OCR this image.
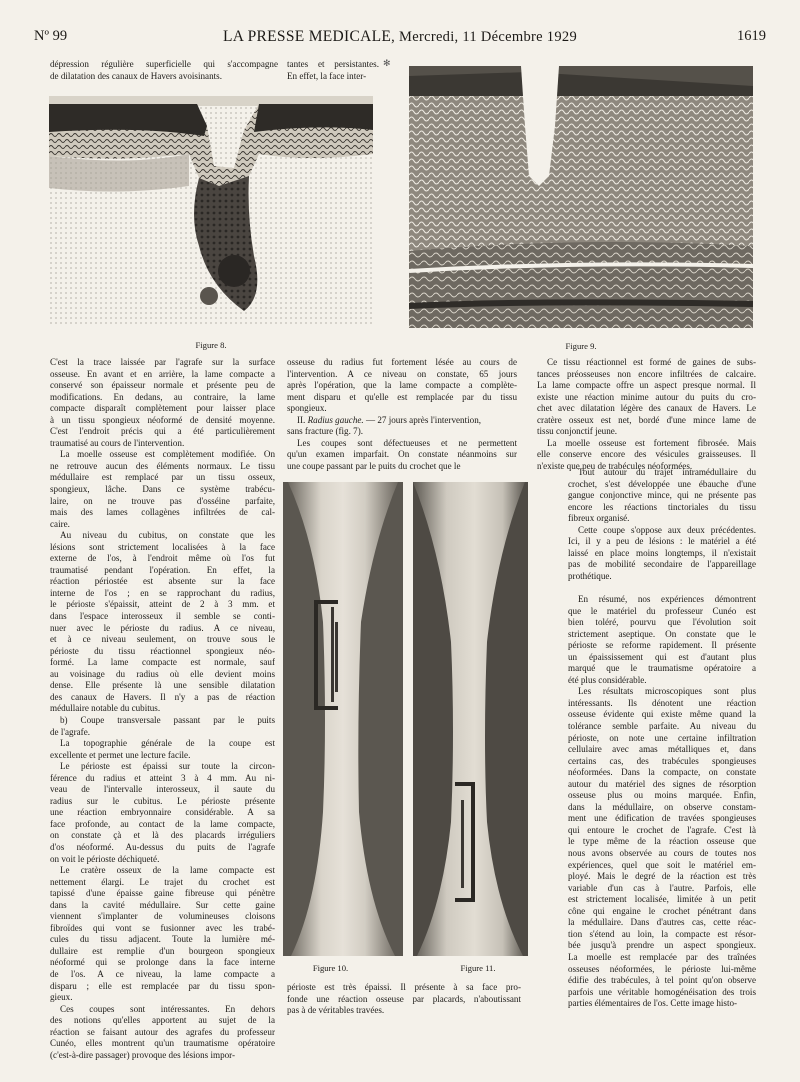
Nº 99	LA PRESSE MEDICALE, Mercredi, 11 Décembre 1929	1619
dépression régulière superficielle qui s'accompagne
de dilatation des canaux de Havers avoisinants.
tantes et persistantes.
En effet, la face inter-
✻
Figure 8.	Figure 9.
C'est la trace laissée par l'agrafe sur la surface
osseuse. En avant et en arrière, la lame compacte a
conservé son épaisseur normale et présente peu de
modifications. En dedans, au contraire, la lame
compacte disparaît complètement pour laisser place
à un tissu spongieux néoformé de densité moyenne.
C'est l'endroit précis qui a été particulièrement
traumatisé au cours de l'intervention.
La moelle osseuse est complètement modifiée. On
ne retrouve aucun des éléments normaux. Le tissu
médullaire est remplacé par un tissu osseux,
spongieux, lâche. Dans ce système trabécu-
laire, on ne trouve pas d'osséine parfaite,
mais des lames collagènes infiltrées de cal-
caire.
Au niveau du cubitus, on constate que les
lésions sont strictement localisées à la face
externe de l'os, à l'endroit même où l'os fut
traumatisé pendant l'opération. En effet, la
réaction périostée est absente sur la face
interne de l'os ; en se rapprochant du radius,
le périoste s'épaissit, atteint de 2 à 3 mm. et
dans l'espace interosseux il semble se conti-
nuer avec le périoste du radius. A ce niveau,
et à ce niveau seulement, on trouve sous le
périoste du tissu réactionnel spongieux néo-
formé. La lame compacte est normale, sauf
au voisinage du radius où elle devient moins
dense. Elle présente là une sensible dilatation
des canaux de Havers. Il n'y a pas de réaction
médullaire notable du cubitus.
b) Coupe transversale passant par le puits
de l'agrafe.
La topographie générale de la coupe est
excellente et permet une lecture facile.
Le périoste est épaissi sur toute la circon-
férence du radius et atteint 3 à 4 mm. Au ni-
veau de l'intervalle interosseux, il saute du
radius sur le cubitus. Le périoste présente
une réaction embryonnaire considérable. A sa
face profonde, au contact de la lame compacte,
on constate çà et là des placards irréguliers
d'os néoformé. Au-dessus du puits de l'agrafe
on voit le périoste déchiqueté.
Le cratère osseux de la lame compacte est
nettement élargi. Le trajet du crochet est
tapissé d'une épaisse gaine fibreuse qui pénètre
dans la cavité médullaire. Sur cette gaine
viennent s'implanter de volumineuses cloisons
fibroïdes qui vont se fusionner avec les trabé-
cules du tissu adjacent. Toute la lumière mé-
dullaire est remplie d'un bourgeon spongieux
néoformé qui se prolonge dans la face interne
de l'os. A ce niveau, la lame compacte a
disparu ; elle est remplacée par du tissu spon-
gieux.
Ces coupes sont intéressantes. En dehors
des notions qu'elles apportent au sujet de la
réaction se faisant autour des agrafes du professeur
Cunéo, elles montrent qu'un traumatisme opératoire
(c'est-à-dire passager) provoque des lésions impor-
osseuse du radius fut fortement lésée au cours de
l'intervention. A ce niveau on constate, 65 jours
après l'opération, que la lame compacte a complète-
ment disparu et qu'elle est remplacée par du tissu
spongieux.

II. Radius gauche. — 27 jours après l'intervention,

sans fracture (fig. 7).

Les coupes sont défectueuses et ne permettent
qu'un examen imparfait. On constate néanmoins sur
une coupe passant par le puits du crochet que le
Figure 10.	Figure 11.
périoste est très épaissi. Il présente à sa face pro-
fonde une réaction osseuse par placards, n'aboutissant
pas à de véritables travées.
Ce tissu réactionnel est formé de gaines de subs-
tances préosseuses non encore infiltrées de calcaire.
La lame compacte offre un aspect presque normal. Il
existe une réaction minime autour du puits du cro-
chet avec dilatation légère des canaux de Havers. Le
cratère osseux est net, bordé d'une mince lame de
tissu conjonctif jeune.
La moelle osseuse est fortement fibrosée. Mais
elle conserve encore des vésicules graisseuses. Il
n'existe que peu de trabécules néoformées.
Tout autour du trajet intramédullaire du
crochet, s'est développée une ébauche d'une
gangue conjonctive mince, qui ne présente pas
encore les réactions tinctoriales du tissu
fibreux organisé.
Cette coupe s'oppose aux deux précédentes.
Ici, il y a peu de lésions : le matériel a été
laissé en place moins longtemps, il n'existait
pas de mobilité secondaire de l'appareillage
prothétique.
En résumé, nos expériences démontrent
que le matériel du professeur Cunéo est
bien toléré, pourvu que l'évolution soit
strictement aseptique. On constate que le
périoste se reforme rapidement. Il présente
un épaississement qui est d'autant plus
marqué que le traumatisme opératoire a
été plus considérable.
Les résultats microscopiques sont plus
intéressants. Ils dénotent une réaction
osseuse évidente qui existe même quand la
tolérance semble parfaite. Au niveau du
périoste, on note une certaine infiltration
cellulaire avec amas métalliques et, dans
certains cas, des trabécules spongieuses
néoformées. Dans la compacte, on constate
autour du matériel des signes de résorption
osseuse plus ou moins marquée. Enfin,
dans la médullaire, on observe constam-
ment une édification de travées spongieuses
qui entoure le crochet de l'agrafe. C'est là
le type même de la réaction osseuse que
nous avons observée au cours de toutes nos
expériences, quel que soit le matériel em-
ployé. Mais le degré de la réaction est très
variable d'un cas à l'autre. Parfois, elle
est strictement localisée, limitée à un petit
cône qui engaine le crochet pénétrant dans
la médullaire. Dans d'autres cas, cette réac-
tion s'étend au loin, la compacte est résor-
bée jusqu'à prendre un aspect spongieux.
La moelle est remplacée par des traînées
osseuses néoformées, le périoste lui-même
édifie des trabécules, à tel point qu'on observe
parfois une véritable homogénéisation des trois
parties élémentaires de l'os. Cette image histo-
